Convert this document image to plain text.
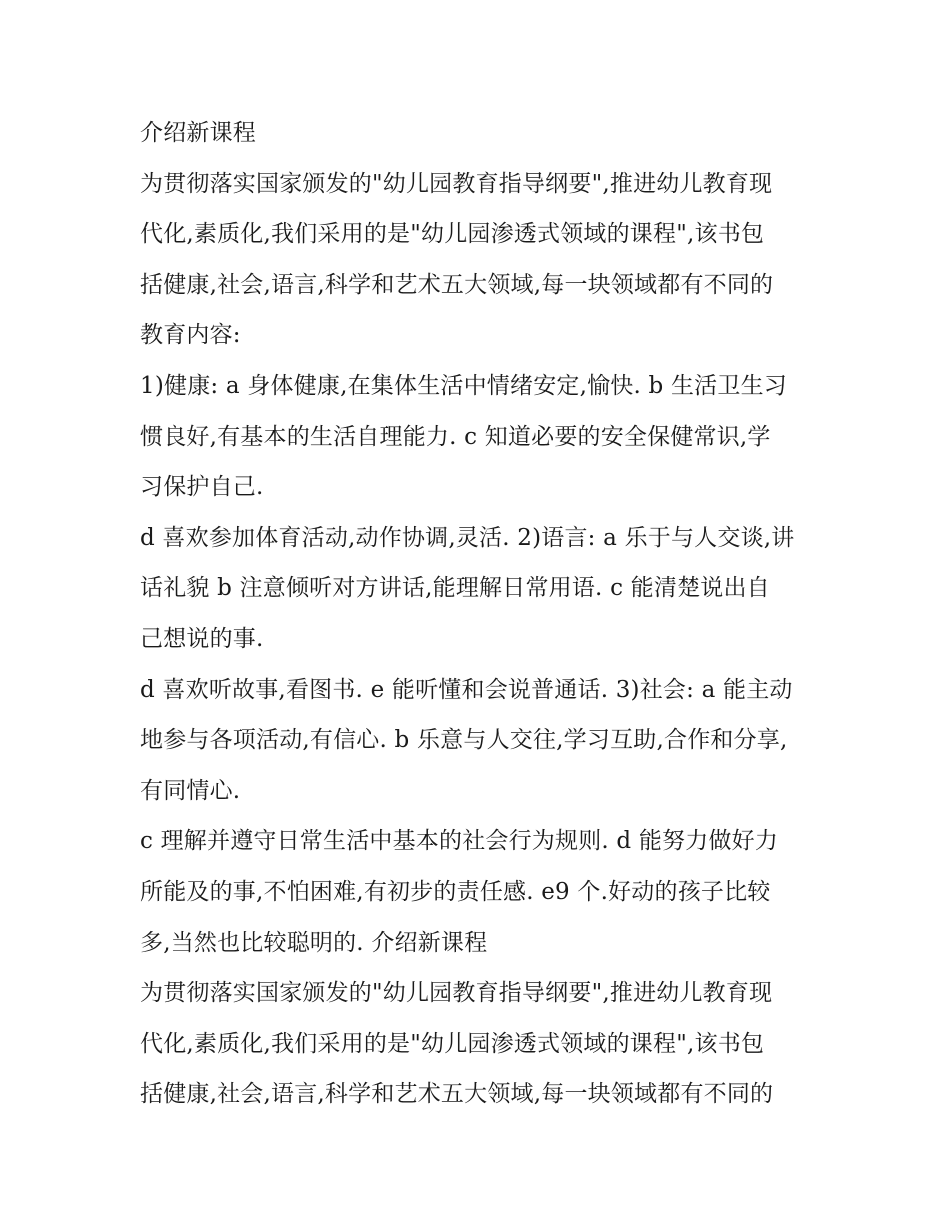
介绍新课程
为贯彻落实国家颁发的"幼儿园教育指导纲要",推进幼儿教育现
代化,素质化,我们采用的是"幼儿园渗透式领域的课程",该书包
括健康,社会,语言,科学和艺术五大领域,每一块领域都有不同的
教育内容:
1)健康: a 身体健康,在集体生活中情绪安定,愉快. b 生活卫生习
惯良好,有基本的生活自理能力. c 知道必要的安全保健常识,学
习保护自己.
d 喜欢参加体育活动,动作协调,灵活. 2)语言: a 乐于与人交谈,讲
话礼貌 b 注意倾听对方讲话,能理解日常用语. c 能清楚说出自
己想说的事.
d 喜欢听故事,看图书. e 能听懂和会说普通话. 3)社会: a 能主动
地参与各项活动,有信心. b 乐意与人交往,学习互助,合作和分享,
有同情心.
c 理解并遵守日常生活中基本的社会行为规则. d 能努力做好力
所能及的事,不怕困难,有初步的责任感. e9 个.好动的孩子比较
多,当然也比较聪明的. 介绍新课程
为贯彻落实国家颁发的"幼儿园教育指导纲要",推进幼儿教育现
代化,素质化,我们采用的是"幼儿园渗透式领域的课程",该书包
括健康,社会,语言,科学和艺术五大领域,每一块领域都有不同的
